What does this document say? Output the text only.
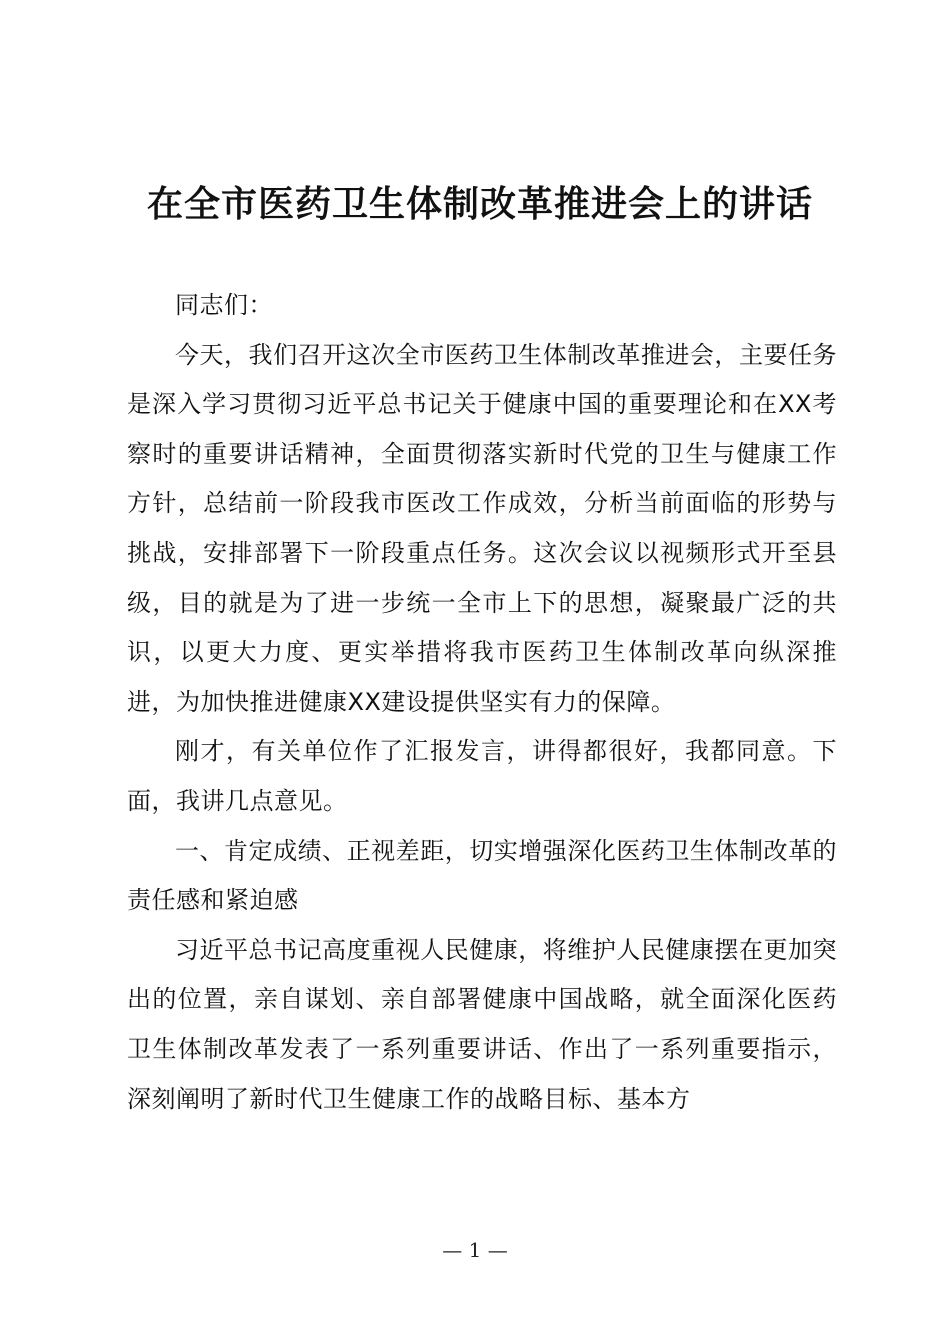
在全市医药卫生体制改革推进会上的讲话

同志们：

今天，我们召开这次全市医药卫生体制改革推进会，主要任务是深入学习贯彻习近平总书记关于健康中国的重要理论和在XX考察时的重要讲话精神，全面贯彻落实新时代党的卫生与健康工作方针，总结前一阶段我市医改工作成效，分析当前面临的形势与挑战，安排部署下一阶段重点任务。这次会议以视频形式开至县级，目的就是为了进一步统一全市上下的思想，凝聚最广泛的共识，以更大力度、更实举措将我市医药卫生体制改革向纵深推进，为加快推进健康XX建设提供坚实有力的保障。

刚才，有关单位作了汇报发言，讲得都很好，我都同意。下面，我讲几点意见。

一、肯定成绩、正视差距，切实增强深化医药卫生体制改革的责任感和紧迫感

习近平总书记高度重视人民健康，将维护人民健康摆在更加突出的位置，亲自谋划、亲自部署健康中国战略，就全面深化医药卫生体制改革发表了一系列重要讲话、作出了一系列重要指示，深刻阐明了新时代卫生健康工作的战略目标、基本方

— 1 —
